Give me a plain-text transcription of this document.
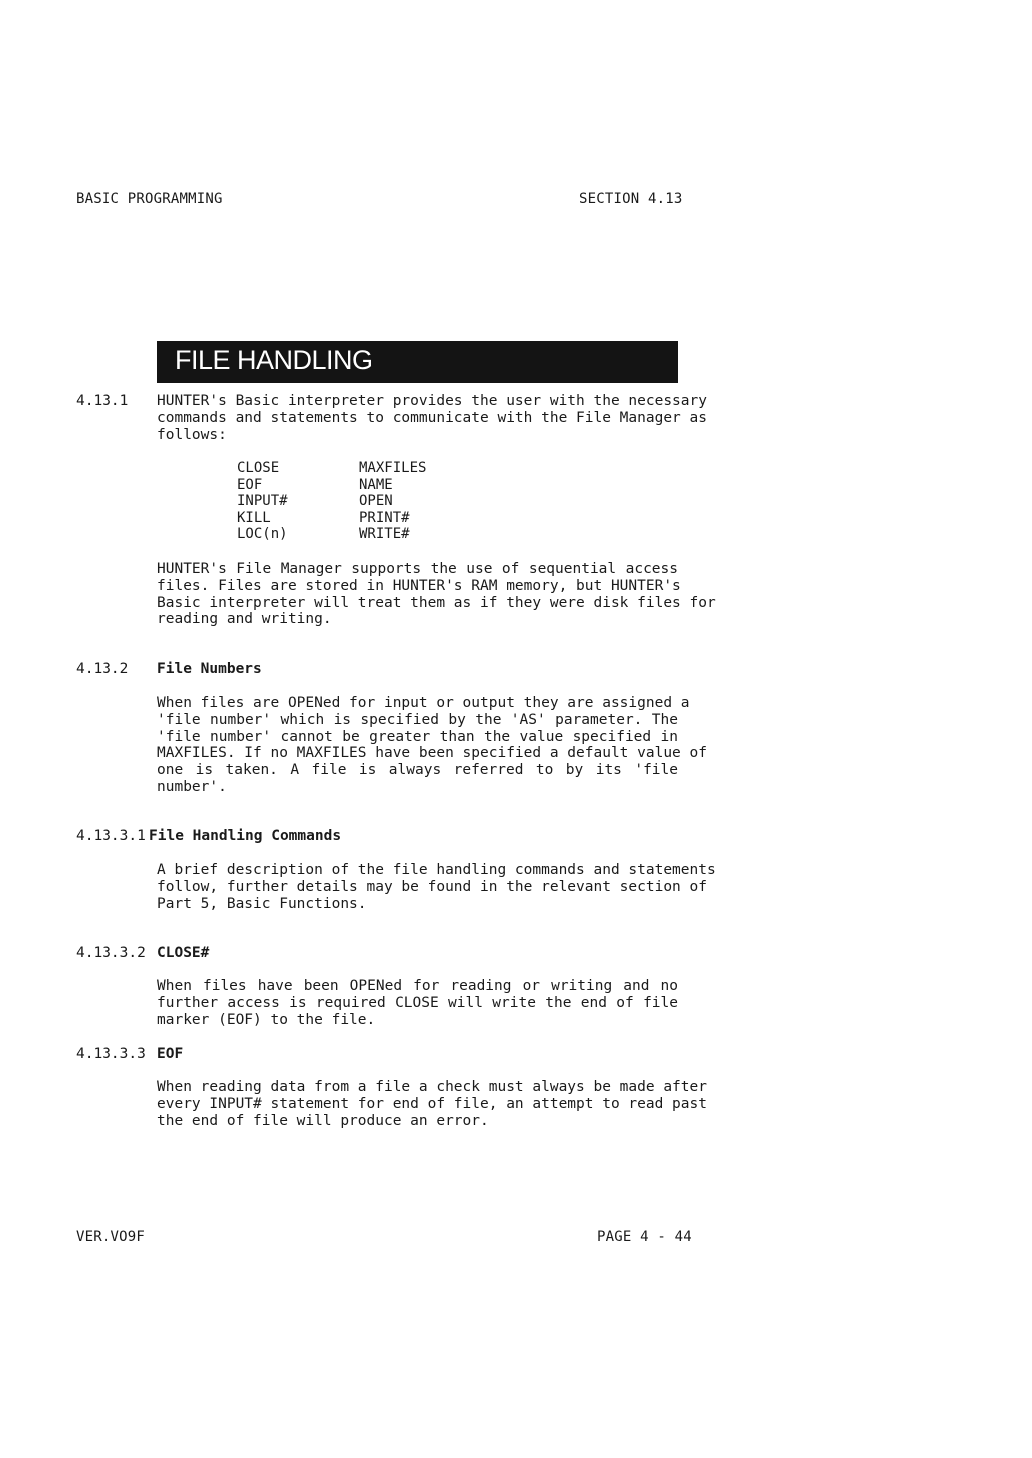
BASIC PROGRAMMING	SECTION 4.13
FILE HANDLING
4.13.1 HUNTER's Basic interpreter provides the user with the necessary
commands and statements to communicate with the File Manager as
follows:
CLOSE
EOF
INPUT#
KILL
LOC(n)
MAXFILES
NAME
OPEN
PRINT#
WRITE#
HUNTER's File Manager supports the use of sequential access
files. Files are stored in HUNTER's RAM memory, but HUNTER's
Basic interpreter will treat them as if they were disk files for
reading and writing.
4.13.2 File Numbers
When files are OPENed for input or output they are assigned a
'file number' which is specified by the 'AS' parameter. The
'file number' cannot be greater than the value specified in
MAXFILES. If no MAXFILES have been specified a default value of
one is taken. A file is always referred to by its 'file
number'.
4.13.3.1 File Handling Commands
A brief description of the file handling commands and statements
follow, further details may be found in the relevant section of
Part 5, Basic Functions.
4.13.3.2 CLOSE#
When files have been OPENed for reading or writing and no
further access is required CLOSE will write the end of file
marker (EOF) to the file.
4.13.3.3 EOF
When reading data from a file a check must always be made after
every INPUT# statement for end of file, an attempt to read past
the end of file will produce an error.
VER.VO9F	PAGE 4 - 44
